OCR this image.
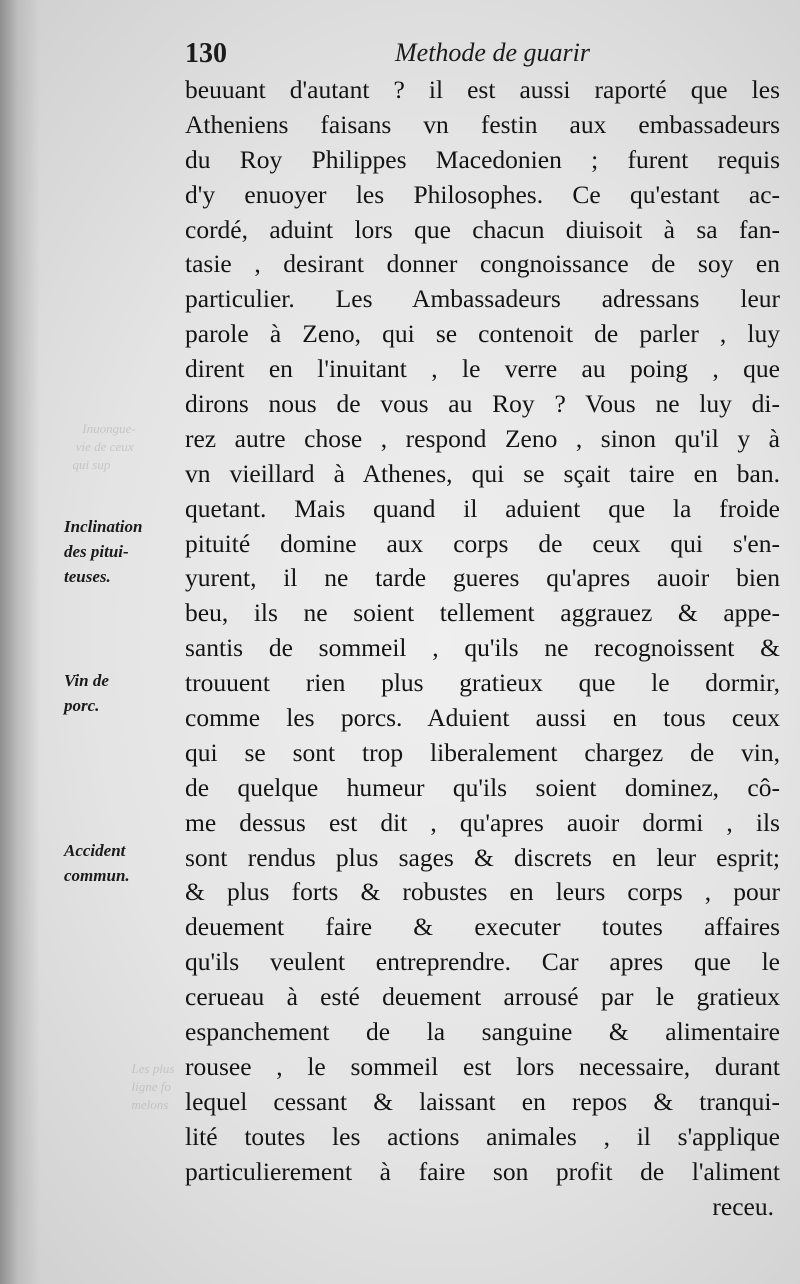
Inuongue-
vie de ceux
qui sup
Les plus
ligne fo
melons
130	Methode de guarir
Inclination
des pitui-
teuses.
Vin de
porc.
Accident
commun.
beuuant d'autant ? il est aussi raporté que les
Atheniens faisans vn festin aux embassadeurs
du Roy Philippes Macedonien ; furent requis
d'y enuoyer les Philosophes. Ce qu'estant ac-
cordé, aduint lors que chacun diuisoit à sa fan-
tasie , desirant donner congnoissance de soy en
particulier. Les Ambassadeurs adressans leur
parole à Zeno, qui se contenoit de parler , luy
dirent en l'inuitant , le verre au poing , que
dirons nous de vous au Roy ? Vous ne luy di-
rez autre chose , respond Zeno , sinon qu'il y à
vn vieillard à Athenes, qui se sçait taire en ban.
quetant. Mais quand il aduient que la froide
pituité domine aux corps de ceux qui s'en-
yurent, il ne tarde gueres qu'apres auoir bien
beu, ils ne soient tellement aggrauez & appe-
santis de sommeil , qu'ils ne recognoissent &
trouuent rien plus gratieux que le dormir,
comme les porcs. Aduient aussi en tous ceux
qui se sont trop liberalement chargez de vin,
de quelque humeur qu'ils soient dominez, cô-
me dessus est dit , qu'apres auoir dormi , ils
sont rendus plus sages & discrets en leur esprit;
& plus forts & robustes en leurs corps , pour
deuement faire & executer toutes affaires
qu'ils veulent entreprendre. Car apres que le
cerueau à esté deuement arrousé par le gratieux
espanchement de la sanguine & alimentaire
rousee , le sommeil est lors necessaire, durant
lequel cessant & laissant en repos & tranqui-
lité toutes les actions animales , il s'applique
particulierement à faire son profit de l'aliment
receu.
